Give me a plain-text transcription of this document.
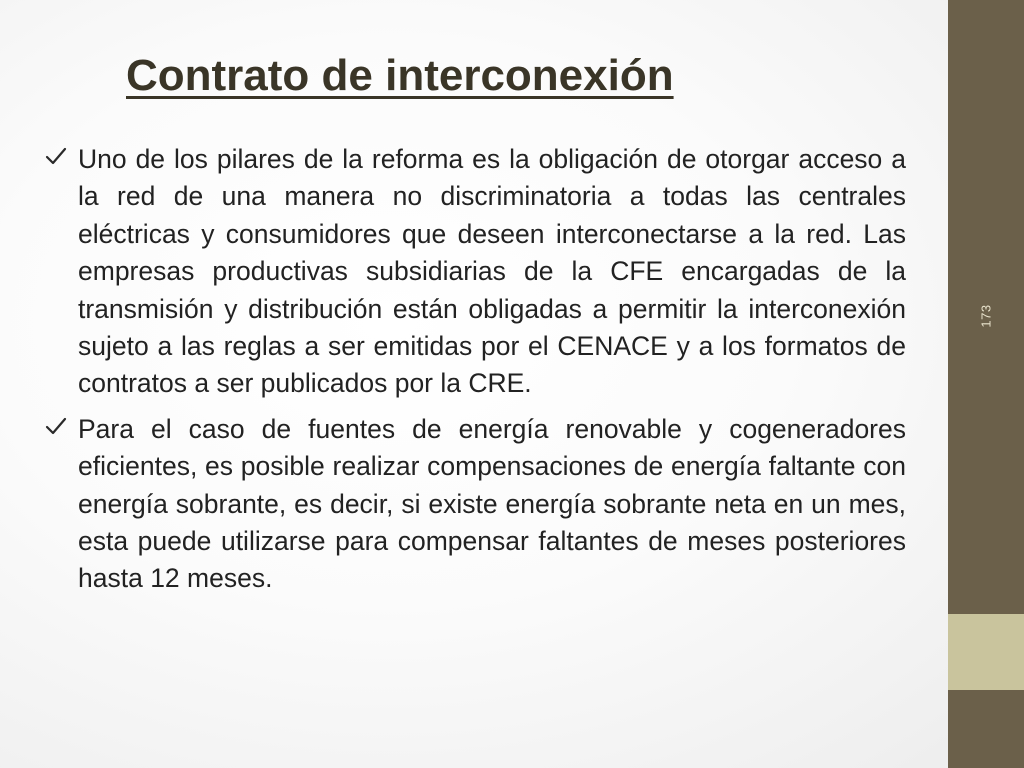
Contrato de interconexión
Uno de los pilares de la reforma es la obligación de otorgar acceso a la red de una manera no discriminatoria a todas las centrales eléctricas y consumidores que deseen interconectarse a la red. Las empresas productivas subsidiarias de la CFE encargadas de la transmisión y distribución están obligadas a permitir la interconexión sujeto a las reglas a ser emitidas por el CENACE y a los formatos de contratos a ser publicados por la CRE.
Para el caso de fuentes de energía renovable y cogeneradores eficientes, es posible realizar compensaciones de energía faltante con energía sobrante, es decir, si existe energía sobrante neta en un mes, esta puede utilizarse para compensar faltantes de meses posteriores hasta 12 meses.
173
